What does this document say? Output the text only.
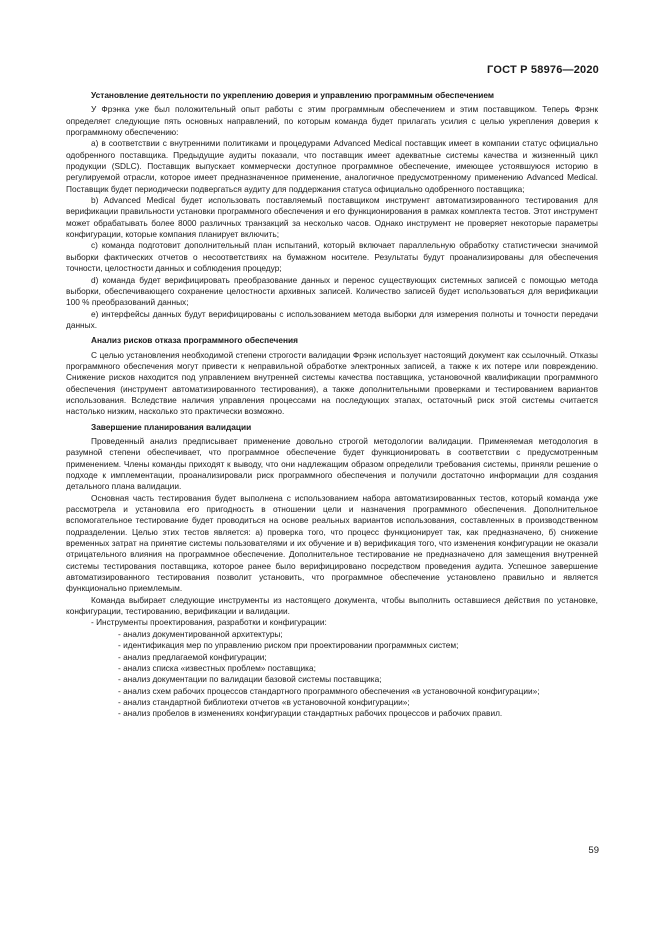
ГОСТ Р 58976—2020
Установление деятельности по укреплению доверия и управлению программным обеспечением

У Фрэнка уже был положительный опыт работы с этим программным обеспечением и этим поставщиком. Теперь Фрэнк определяет следующие пять основных направлений, по которым команда будет прилагать усилия с целью укрепления доверия к программному обеспечению:

a) в соответствии с внутренними политиками и процедурами Advanced Medical поставщик имеет в компании статус официально одобренного поставщика. Предыдущие аудиты показали, что поставщик имеет адекватные системы качества и жизненный цикл продукции (SDLC). Поставщик выпускает коммерчески доступное программное обеспечение, имеющее устоявшуюся историю в регулируемой отрасли, которое имеет предназначенное применение, аналогичное предусмотренному применению Advanced Medical. Поставщик будет периодически подвергаться аудиту для поддержания статуса официально одобренного поставщика;

b) Advanced Medical будет использовать поставляемый поставщиком инструмент автоматизированного тестирования для верификации правильности установки программного обеспечения и его функционирования в рамках комплекта тестов. Этот инструмент может обрабатывать более 8000 различных транзакций за несколько часов. Однако инструмент не проверяет некоторые параметры конфигурации, которые компания планирует включить;

c) команда подготовит дополнительный план испытаний, который включает параллельную обработку статистически значимой выборки фактических отчетов о несоответствиях на бумажном носителе. Результаты будут проанализированы для обеспечения точности, целостности данных и соблюдения процедур;

d) команда будет верифицировать преобразование данных и перенос существующих системных записей с помощью метода выборки, обеспечивающего сохранение целостности архивных записей. Количество записей будет использоваться для верификации 100 % преобразований данных;

e) интерфейсы данных будут верифицированы с использованием метода выборки для измерения полноты и точности передачи данных.

Анализ рисков отказа программного обеспечения

С целью установления необходимой степени строгости валидации Фрэнк использует настоящий документ как ссылочный. Отказы программного обеспечения могут привести к неправильной обработке электронных записей, а также к их потере или повреждению. Снижение рисков находится под управлением внутренней системы качества поставщика, установочной квалификации программного обеспечения (инструмент автоматизированного тестирования), а также дополнительными проверками и тестированием вариантов использования. Вследствие наличия управления процессами на последующих этапах, остаточный риск этой системы считается настолько низким, насколько это практически возможно.

Завершение планирования валидации

Проведенный анализ предписывает применение довольно строгой методологии валидации. Применяемая методология в разумной степени обеспечивает, что программное обеспечение будет функционировать в соответствии с предусмотренным применением. Члены команды приходят к выводу, что они надлежащим образом определили требования системы, приняли решение о подходе к имплементации, проанализировали риск программного обеспечения и получили достаточно информации для создания детального плана валидации.

Основная часть тестирования будет выполнена с использованием набора автоматизированных тестов, который команда уже рассмотрела и установила его пригодность в отношении цели и назначения программного обеспечения. Дополнительное вспомогательное тестирование будет проводиться на основе реальных вариантов использования, составленных в производственном подразделении. Целью этих тестов является: а) проверка того, что процесс функционирует так, как предназначено, б) снижение временных затрат на принятие системы пользователями и их обучение и в) верификация того, что изменения конфигурации не оказали отрицательного влияния на программное обеспечение. Дополнительное тестирование не предназначено для замещения внутренней системы тестирования поставщика, которое ранее было верифицировано посредством проведения аудита. Успешное завершение автоматизированного тестирования позволит установить, что программное обеспечение установлено правильно и является функционально приемлемым.

Команда выбирает следующие инструменты из настоящего документа, чтобы выполнить оставшиеся действия по установке, конфигурации, тестированию, верификации и валидации.

- Инструменты проектирования, разработки и конфигурации:
- анализ документированной архитектуры;
- идентификация мер по управлению риском при проектировании программных систем;
- анализ предлагаемой конфигурации;
- анализ списка «известных проблем» поставщика;
- анализ документации по валидации базовой системы поставщика;
- анализ схем рабочих процессов стандартного программного обеспечения «в установочной конфигурации»;
- анализ стандартной библиотеки отчетов «в установочной конфигурации»;
- анализ пробелов в изменениях конфигурации стандартных рабочих процессов и рабочих правил.
59
